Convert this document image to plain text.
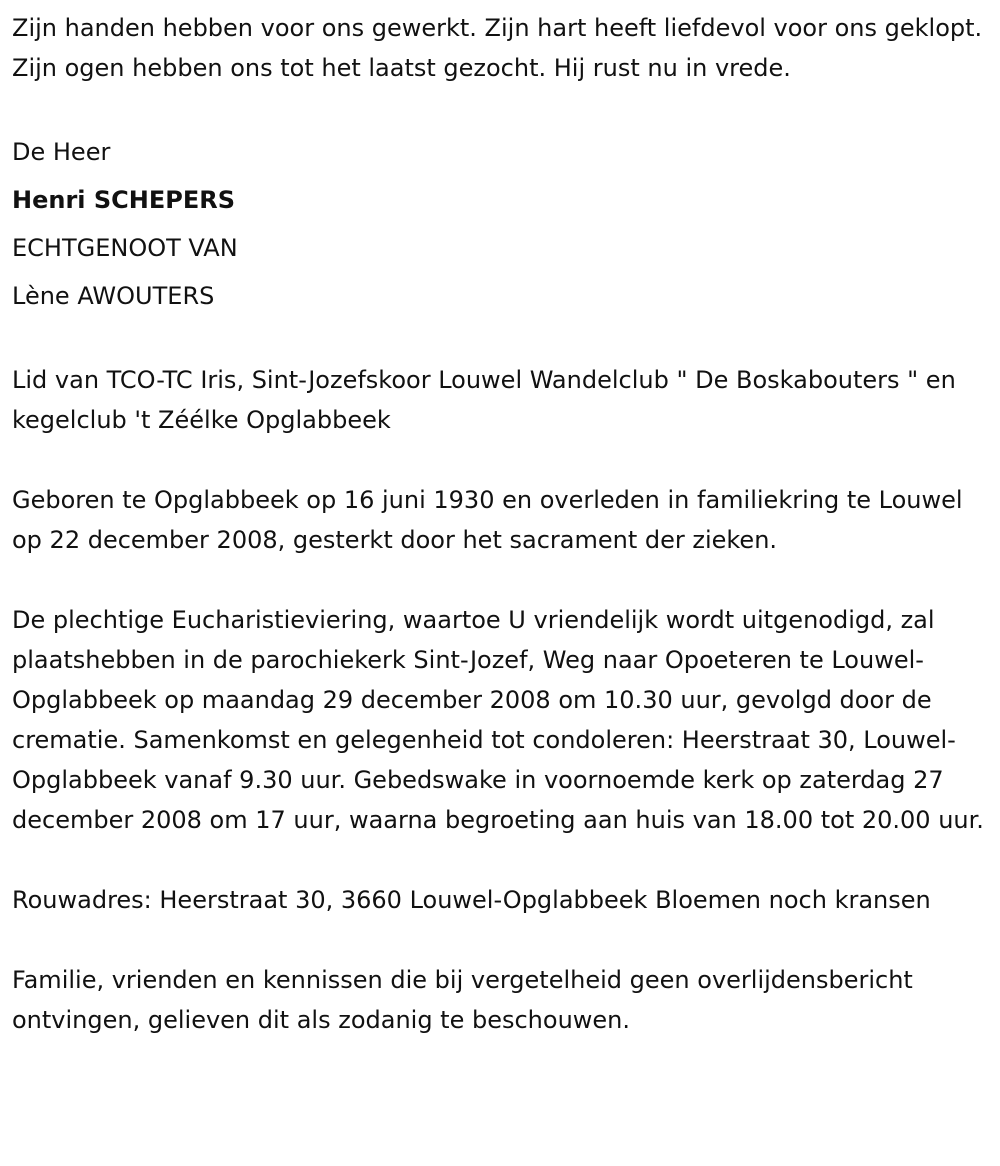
Zijn handen hebben voor ons gewerkt. Zijn hart heeft liefdevol voor ons geklopt. Zijn ogen hebben ons tot het laatst gezocht. Hij rust nu in vrede.

De Heer

Henri SCHEPERS

ECHTGENOOT VAN

Lène AWOUTERS

Lid van TCO-TC Iris, Sint-Jozefskoor Louwel Wandelclub " De Boskabouters " en kegelclub 't Zéélke Opglabbeek

Geboren te Opglabbeek op 16 juni 1930 en overleden in familiekring te Louwel op 22 december 2008, gesterkt door het sacrament der zieken.

De plechtige Eucharistieviering, waartoe U vriendelijk wordt uitgenodigd, zal plaatshebben in de parochiekerk Sint-Jozef, Weg naar Opoeteren te Louwel-Opglabbeek op maandag 29 december 2008 om 10.30 uur, gevolgd door de crematie. Samenkomst en gelegenheid tot condoleren: Heerstraat 30, Louwel-Opglabbeek vanaf 9.30 uur. Gebedswake in voornoemde kerk op zaterdag 27 december 2008 om 17 uur, waarna begroeting aan huis van 18.00 tot 20.00 uur.

Rouwadres: Heerstraat 30, 3660 Louwel-Opglabbeek Bloemen noch kransen

Familie, vrienden en kennissen die bij vergetelheid geen overlijdensbericht ontvingen, gelieven dit als zodanig te beschouwen.
